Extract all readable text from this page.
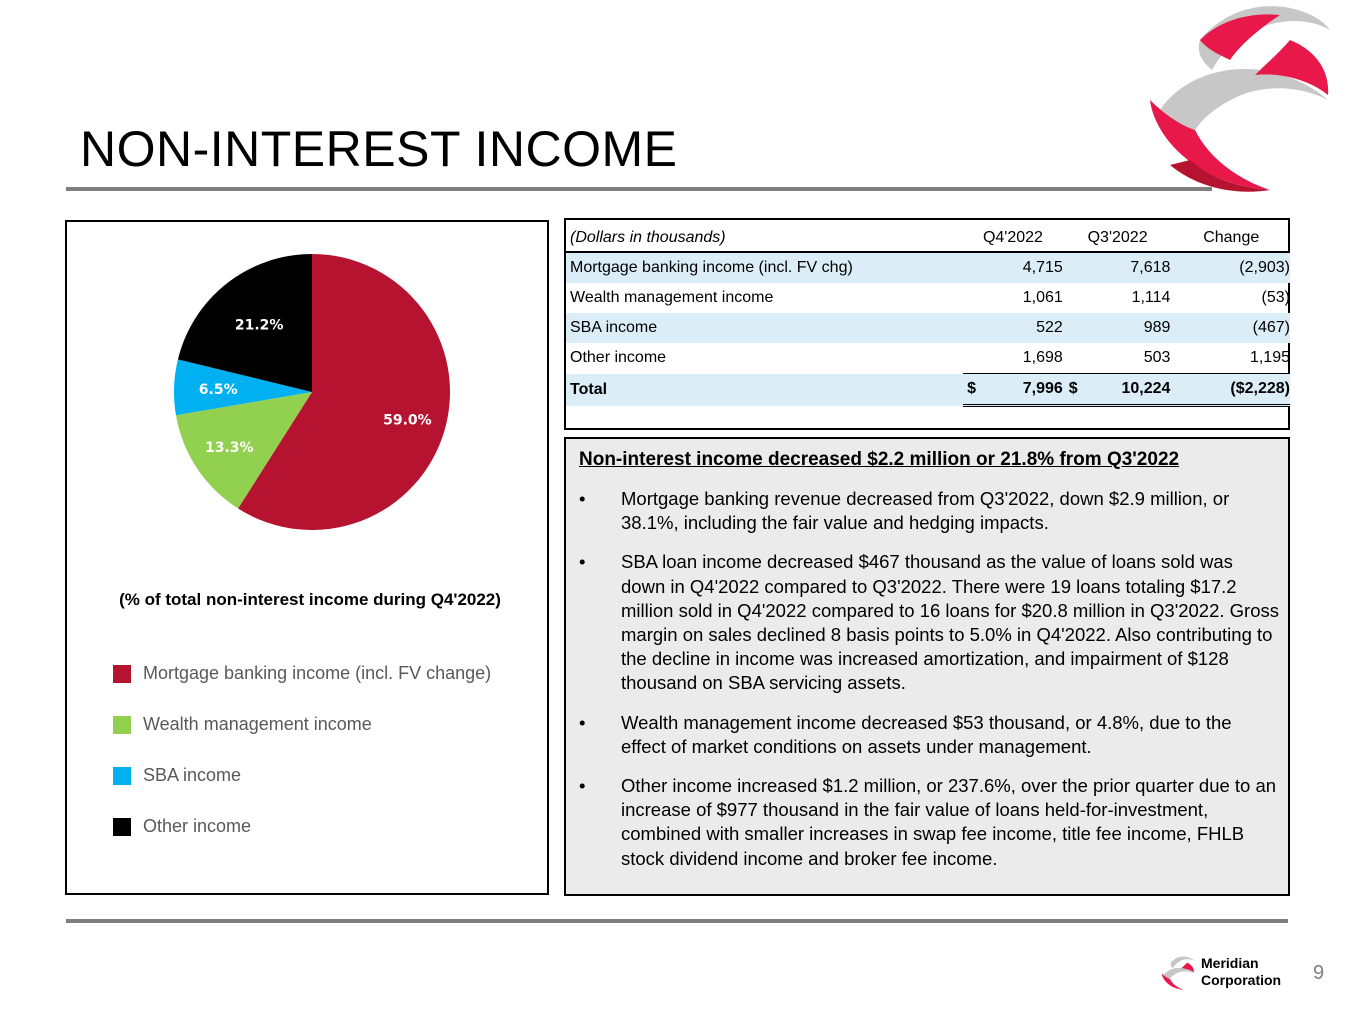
NON-INTEREST INCOME
59.0%
13.3%
6.5%
21.2%
(% of total non-interest income during Q4'2022)
Mortgage banking income (incl. FV change)
Wealth management income
SBA income
Other income
(Dollars in thousands)	Q4'2022	Q3'2022	Change
Mortgage banking income (incl. FV chg)	4,715	7,618	(2,903)
Wealth management income	1,061	1,114	(53)
SBA income	522	989	(467)
Other income	1,698	503	1,195
Total	$ 7,996	$ 10,224	($2,228)
Non-interest income decreased $2.2 million or 21.8% from Q3'2022
•	Mortgage banking revenue decreased from Q3'2022, down $2.9 million, or 38.1%, including the fair value and hedging impacts.
•	SBA loan income decreased $467 thousand as the value of loans sold was down in Q4'2022 compared to Q3'2022. There were 19 loans totaling $17.2 million sold in Q4'2022 compared to 16 loans for $20.8 million in Q3'2022. Gross margin on sales declined 8 basis points to 5.0% in Q4'2022. Also contributing to the decline in income was increased amortization, and impairment of $128 thousand on SBA servicing assets.
•	Wealth management income decreased $53 thousand, or 4.8%, due to the effect of market conditions on assets under management.
•	Other income increased $1.2 million, or 237.6%, over the prior quarter due to an increase of $977 thousand in the fair value of loans held-for-investment, combined with smaller increases in swap fee income, title fee income, FHLB stock dividend income and broker fee income.
Meridian
Corporation 9
